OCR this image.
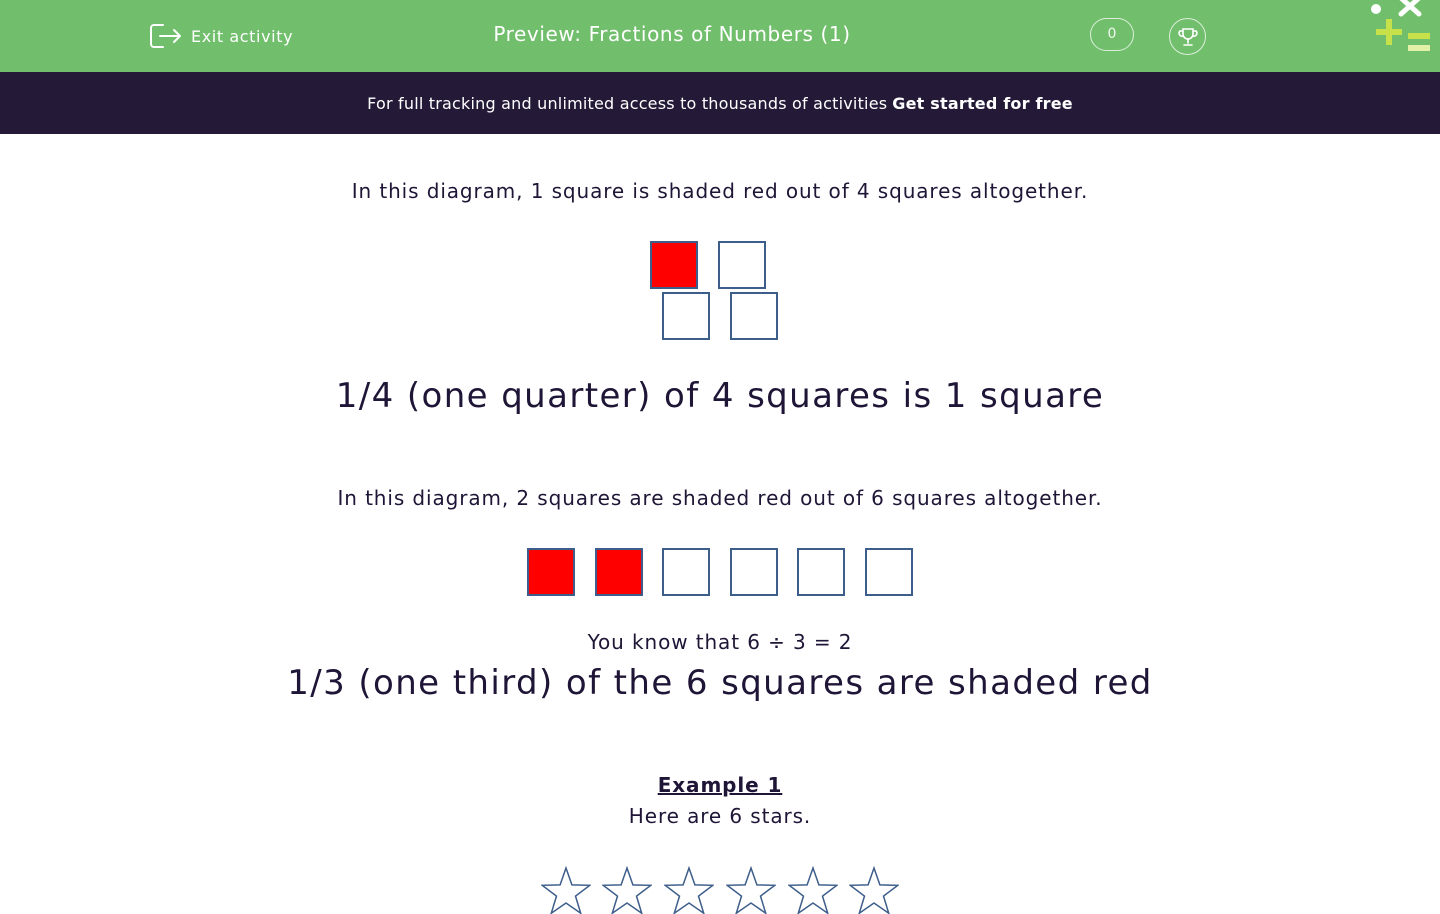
Exit activity	Preview: Fractions of Numbers (1)	0
For full tracking and unlimited access to thousands of activities Get started for free
In this diagram, 1 square is shaded red out of 4 squares altogether.
1/4 (one quarter) of 4 squares is 1 square
In this diagram, 2 squares are shaded red out of 6 squares altogether.
You know that 6 ÷ 3 = 2
1/3 (one third) of the 6 squares are shaded red
Example 1
Here are 6 stars.
